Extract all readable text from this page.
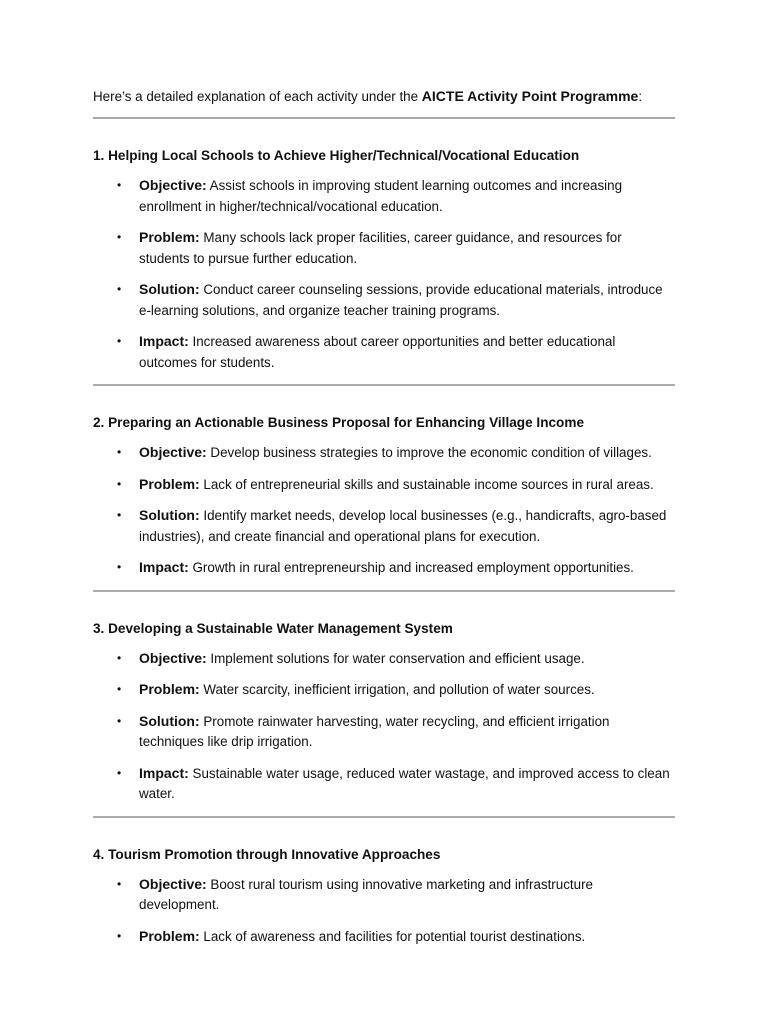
Here’s a detailed explanation of each activity under the AICTE Activity Point Programme:

1. Helping Local Schools to Achieve Higher/Technical/Vocational Education
• Objective: Assist schools in improving student learning outcomes and increasing enrollment in higher/technical/vocational education.
• Problem: Many schools lack proper facilities, career guidance, and resources for students to pursue further education.
• Solution: Conduct career counseling sessions, provide educational materials, introduce e-learning solutions, and organize teacher training programs.
• Impact: Increased awareness about career opportunities and better educational outcomes for students.
2. Preparing an Actionable Business Proposal for Enhancing Village Income
• Objective: Develop business strategies to improve the economic condition of villages.
• Problem: Lack of entrepreneurial skills and sustainable income sources in rural areas.
• Solution: Identify market needs, develop local businesses (e.g., handicrafts, agro-based industries), and create financial and operational plans for execution.
• Impact: Growth in rural entrepreneurship and increased employment opportunities.
3. Developing a Sustainable Water Management System
• Objective: Implement solutions for water conservation and efficient usage.
• Problem: Water scarcity, inefficient irrigation, and pollution of water sources.
• Solution: Promote rainwater harvesting, water recycling, and efficient irrigation techniques like drip irrigation.
• Impact: Sustainable water usage, reduced water wastage, and improved access to clean water.
4. Tourism Promotion through Innovative Approaches
• Objective: Boost rural tourism using innovative marketing and infrastructure development.
• Problem: Lack of awareness and facilities for potential tourist destinations.
